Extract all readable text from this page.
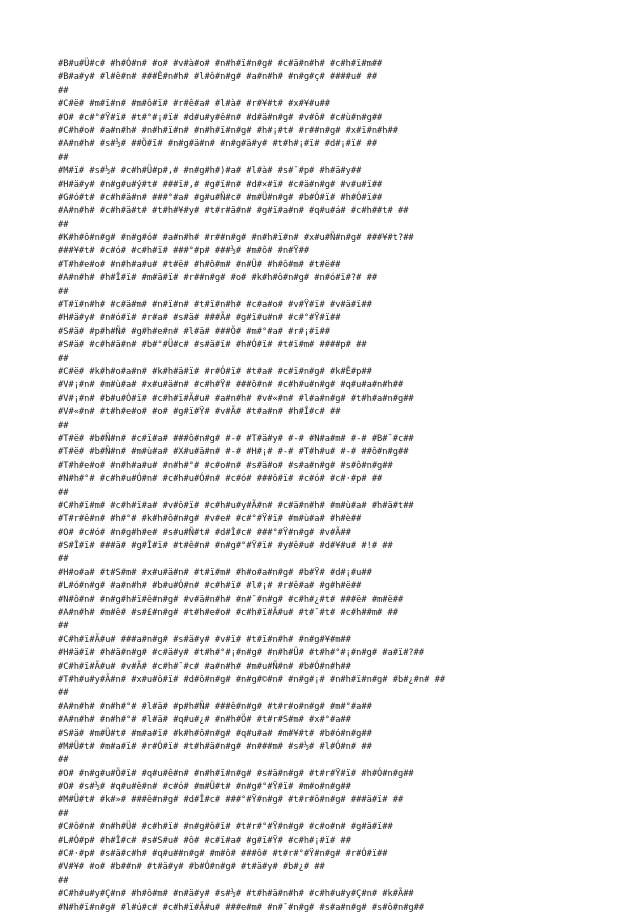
#B#u#Ü#c# #h#Ó#n# #o# #v#à#o# #n#h#ï#n#g# #c#ä#n#h# #c#h#ï#m##
#B#a#y# #l#ê#n# ###Ê#n#h# #l#ô#n#g# #a#n#h# #n#g#ç# ####u# ##
##
#C#ë# #m#ï#n# #m#ô#ï# #r#ê#a# #l#à# #r#¥#t# #x#¥#u##
#O# #c#°#Ÿ#ï# #t#°#¡#ï# #d#u#y#ê#n# #d#ä#n#g# #v#ô# #c#ù#n#g##
#C#h#o# #a#n#h# #n#h#ï#n# #n#h#ï#n#g# #h#¡#t# #r##n#g# #x#ï#n#h##
#A#n#h# #s#½# ##Ö#ï# #n#g#ä#n# #n#g#ä#y# #t#h#¡#ï# #d#¡#ï# ##
##
#M#ï# #s#½# #c#h#Ü#p#,# #n#g#h#)#a# #l#à# #s#¯#p# #h#ä#y##
#H#ä#y# #n#g#u#ý#t# ###ï#,# #g#ï#n# #d#×#ï# #c#ä#n#g# #v#u#ï##
#G#ó#t# #c#h#ä#n# ###°#a# #g#u#Ñ#c# #m#Ü#n#g# #b#Ó#ï# #h#Ó#ï##
#A#n#h# #c#h#ä#t# #t#h#¥#y# #t#r#ä#n# #g#ï#a#n# #q#u#á# #c#h##t# ##
##
#K#h#ô#n#g# #n#g#ó# #a#n#h# #r##n#g# #n#h#ï#n# #x#u#Ñ#n#g# ###¥#t?##
###¥#t# #c#ó# #c#h#ï# ###°#p# ###½# #m#ô# #n#Ÿ##
#T#h#e#o# #n#h#a#u# #t#ë# #h#ô#m# #n#Ü# #h#ô#m# #t#ë##
#A#n#h# #h#Î#ï# #m#ä#ï# #r##n#g# #o# #k#h#ô#n#g# #n#ó#ï#?# ##
##
#T#ï#n#h# #c#ä#m# #n#ï#n# #t#ï#n#h# #c#a#o# #v#Ÿ#ï# #v#ä#ï##
#H#ä#y# #n#ó#ï# #r#a# #s#ä# ###Ã# #g#ï#u#n# #c#°#Ÿ#ï##
#S#ä# #p#h#Ñ# #g#h#e#n# #l#ä# ###Ö# #m#°#a# #r#¡#ï##
#S#ä# #c#h#ä#n# #b#°#Ü#c# #s#ä#ï# #h#Ó#ï# #t#ï#m# ####p# ##
##
#C#ë# #k#h#o#a#n# #k#h#ä#ï# #r#Ó#ï# #t#a# #c#ï#n#g# #k#Ê#p##
#V#¡#n# #m#ù#a# #x#u#ä#n# #c#h#Ÿ# ###ô#n# #c#h#u#n#g# #q#u#a#n#h##
#V#¡#n# #b#u#Ó#ï# #c#h#ï#Ã#u# #a#n#h# #v#«#n# #l#a#n#g# #t#h#a#n#g##
#V#«#n# #t#h#e#o# #o# #g#ï#Ÿ# #v#Ã# #t#a#n# #h#Î#c# ##
##
#T#ë# #b#Ñ#n# #c#ï#a# ###ô#n#g# #-# #T#ä#y# #-# #N#a#m# #-# #B#¯#c##
#T#ë# #b#Ñ#n# #m#ù#a# #X#u#ä#n# #-# #H#¡# #-# #T#h#u# #-# ##ô#n#g##
#T#h#e#o# #n#h#a#u# #n#h#°# #c#o#n# #s#ä#o# #s#a#n#g# #s#ô#n#g##
#N#h#°# #c#h#u#Ó#n# #c#h#u#Ó#n# #c#ó# ###ô#ï# #c#ó# #c#·#p# ##
##
#C#h#ï#m# #c#h#ï#a# #v#ô#ï# #c#h#u#y#Ã#n# #c#ä#n#h# #m#ù#a# #h#ä#t##
#T#r#ê#n# #h#°# #k#h#ô#n#g# #v#e# #c#°#Ÿ#ï# #m#ù#a# #h#è##
#O# #c#ó# #n#g#h#e# #s#u#Ñ#t# #d#Î#c# ###°#Ÿ#n#g# #v#Ã##
#S#Î#ï# ###ä# #g#Î#ï# #t#ê#n# #n#g#°#Ÿ#ï# #y#ê#u# #d#¥#u# #!# ##
##
#H#o#a# #t#S#m# #x#u#ä#n# #t#ï#m# #h#o#a#n#g# #b#Ÿ# #d#¡#u##
#L#ó#n#g# #a#n#h# #b#u#Ó#n# #c#h#ï# #l#¡# #r#ê#a# #g#h#ë##
#N#ô#n# #n#g#h#ï#ê#n#g# #v#ä#n#h# #n#¯#n#g# #c#h#¿#t# ###ë# #m#ë##
#A#n#h# #m#ê# #s#£#n#g# #t#h#e#o# #c#h#ï#Ã#u# #t#¯#t# #c#h##m# ##
##
#C#h#ï#Ã#u# ###a#n#g# #s#ä#y# #v#ï# #t#ï#n#h# #n#g#¥#m##
#H#ä#ï# #h#ä#n#g# #c#ä#y# #t#h#°#¡#n#g# #n#h#Ü# #t#h#°#¡#n#g# #a#ï#?##
#C#h#ï#Ã#u# #v#Ã# #c#h#¯#c# #a#n#h# #m#u#Ñ#n# #b#Ó#n#h##
#T#h#u#y#Ã#n# #x#u#ô#ï# #d#ô#n#g# #n#g#©#n# #n#g#¡# #n#h#ï#n#g# #b#¿#n# ##
##
#A#n#h# #n#h#°# #l#ä# #p#h#Ñ# ###ê#n#g# #t#r#o#n#g# #m#°#a##
#A#n#h# #n#h#°# #l#ä# #q#u#¿# #n#h#Ö# #t#r#S#m# #x#°#a##
#S#ä# #m#Ü#t# #m#a#ï# #k#h#ô#n#g# #q#u#a# #m#¥#t# #b#ó#n#g##
#M#Ü#t# #m#a#ï# #r#Ó#ï# #t#h#ä#n#g# #n###m# #s#½# #l#Ó#n# ##
##
#O# #n#g#u#Ö#ï# #q#u#ê#n# #n#h#ï#n#g# #s#ä#n#g# #t#r#Ÿ#ï# #h#Ó#n#g##
#O# #s#½# #q#u#ê#n# #c#ó# #m#Ü#t# #n#g#°#Ÿ#ï# #m#o#n#g##
#M#Ü#t# #k#»# ###ê#n#g# #d#Î#c# ###°#Ÿ#n#g# #t#r#ô#n#g# ###ä#ï# ##
##
#C#ô#n# #n#h#Ü# #c#h#ï# #n#g#ô#ï# #t#r#°#Ÿ#n#g# #c#o#n# #g#ä#ï##
#L#Ó#p# #h#Î#c# #s#S#u# #ô# #c#ï#a# #g#ï#Ÿ# #c#h#¡#ï# ##
#C#·#p# #s#ä#c#h# #q#u##n#g# #m#ô# ###ô# #t#r#°#Ÿ#n#g# #r#Ó#ï##
#V#¥# #o# #b##n# #t#ä#y# #b#Ó#n#g# #t#ä#y# #b#¿# ##
##
#C#h#u#y#Ç#n# #h#ô#m# #n#ä#y# #s#½# #t#h#ä#n#h# #c#h#u#y#Ç#n# #k#Ã##
#N#h#ï#n#g# #l#ú#c# #c#h#ï#Ã#u# ###e#m# #n#¯#n#g# #s#a#n#g# #s#ô#n#g##
